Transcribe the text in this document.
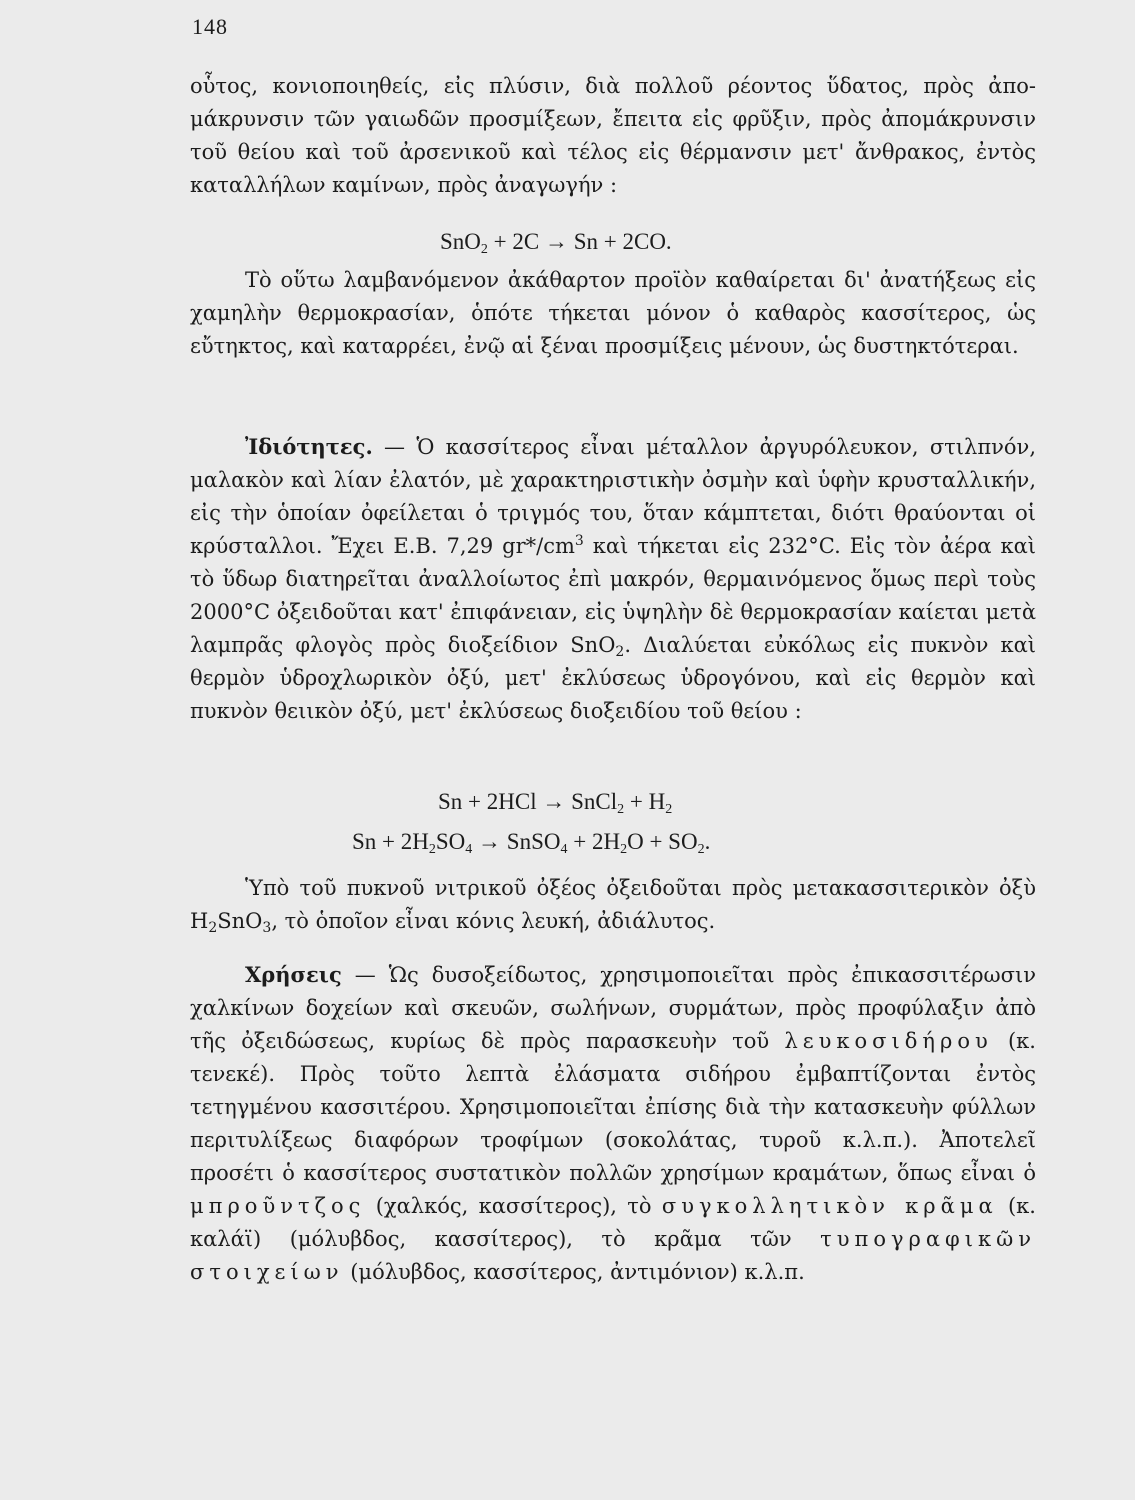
148

οὗτος, κονιοποιηθείς, εἰς πλύσιν, διὰ πολλοῦ ρέοντος ὕδατος, πρὸς ἀπομάκρυνσιν τῶν γαιωδῶν προσμίξεων, ἔπειτα εἰς φρῦξιν, πρὸς ἀπομάκρυνσιν τοῦ θείου καὶ τοῦ ἀρσενικοῦ καὶ τέλος εἰς θέρμανσιν μετ' ἄνθρακος, ἐντὸς καταλλήλων καμίνων, πρὸς ἀναγωγήν :

SnO$_2$ + 2C → Sn + 2CO.

Τὸ οὕτω λαμβανόμενον ἀκάθαρτον προϊὸν καθαίρεται δι' ἀνατήξεως εἰς χαμηλὴν θερμοκρασίαν, ὁπότε τήκεται μόνον ὁ καθαρὸς κασσίτερος, ὡς εὔτηκτος, καὶ καταρρέει, ἐνῷ αἱ ξέναι προσμίξεις μένουν, ὡς δυστηκτότεραι.

Ἰδιότητες. — Ὁ κασσίτερος εἶναι μέταλλον ἀργυρόλευκον, στιλπνόν, μαλακὸν καὶ λίαν ἐλατόν, μὲ χαρακτηριστικὴν ὀσμὴν καὶ ὑφὴν κρυσταλλικήν, εἰς τὴν ὁποίαν ὀφείλεται ὁ τριγμός του, ὅταν κάμπτεται, διότι θραύονται οἱ κρύσταλλοι. Ἔχει Ε.Β. 7,29 $gr*/cm^3$ καὶ τήκεται εἰς 232°C. Εἰς τὸν ἀέρα καὶ τὸ ὕδωρ διατηρεῖται ἀναλλοίωτος ἐπὶ μακρόν, θερμαινόμενος ὅμως περὶ τοὺς 2000°C ὀξειδοῦται κατ' ἐπιφάνειαν, εἰς ὑψηλὴν δὲ θερμοκρασίαν καίεται μετὰ λαμπρᾶς φλογὸς πρὸς διοξείδιον SnO$_2$. Διαλύεται εὐκόλως εἰς πυκνὸν καὶ θερμὸν ὑδροχλωρικὸν ὀξύ, μετ' ἐκλύσεως ὑδρογόνου, καὶ εἰς θερμὸν καὶ πυκνὸν θειικὸν ὀξύ, μετ' ἐκλύσεως διοξειδίου τοῦ θείου :

Sn + 2HCl → SnCl$_2$ + $H_2$
$Sn + 2H_2SO_4$ → SnSO$_4$ + $2H_2O + SO_2$.

Ὑπὸ τοῦ πυκνοῦ νιτρικοῦ ὀξέος ὀξειδοῦται πρὸς μετακασσιτερικὸν ὀξὺ $H_2SnO_3$, τὸ ὁποῖον εἶναι κόνις λευκή, ἀδιάλυτος.

Χρήσεις — Ὡς δυσοξείδωτος, χρησιμοποιεῖται πρὸς ἐπικασσιτέρωσιν χαλκίνων δοχείων καὶ σκευῶν, σωλήνων, συρμάτων, πρὸς προφύλαξιν ἀπὸ τῆς ὀξειδώσεως, κυρίως δὲ πρὸς παρασκευὴν τοῦ λευκοσιδήρου (κ. τενεκέ). Πρὸς τοῦτο λεπτὰ ἐλάσματα σιδήρου ἐμβαπτίζονται ἐντὸς τετηγμένου κασσιτέρου. Χρησιμοποιεῖται ἐπίσης διὰ τὴν κατασκευὴν φύλλων περιτυλίξεως διαφόρων τροφίμων (σοκολάτας, τυροῦ κ.λ.π.). Ἀποτελεῖ προσέτι ὁ κασσίτερος συστατικὸν πολλῶν χρησίμων κραμάτων, ὅπως εἶναι ὁ μπροῦντζος (χαλκός, κασσίτερος), τὸ συγκολλητικὸν κρᾶμα (κ. καλάϊ) (μόλυβδος, κασσίτερος), τὸ κρᾶμα τῶν τυπογραφικῶν στοιχείων (μόλυβδος, κασσίτερος, ἀντιμόνιον) κ.λ.π.
